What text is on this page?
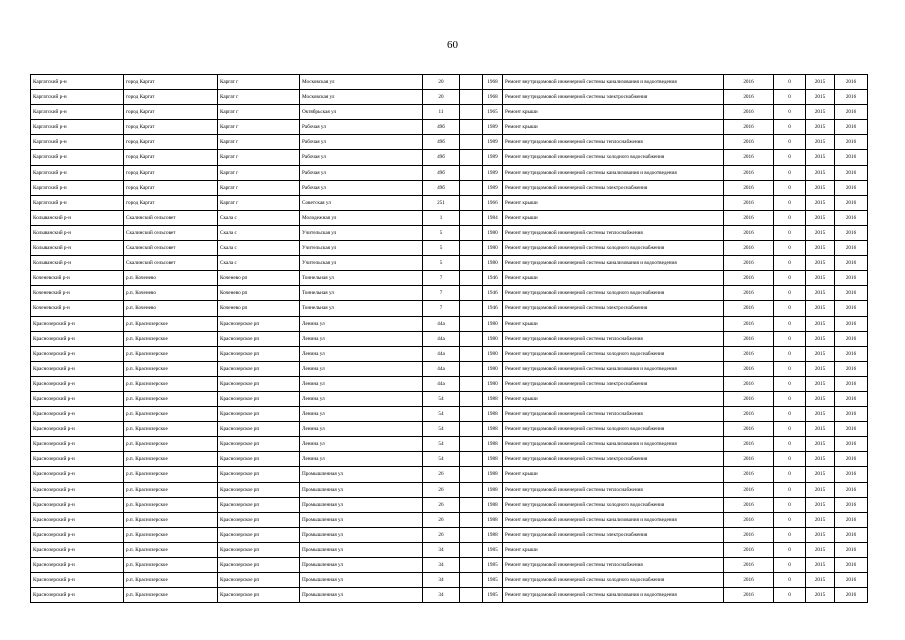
60
Каргатский р-н	город Каргат	Каргат г	Московская ул	20		1968	Ремонт внутридомовой инженерной системы канализования и водоотведения	2016	0	2015	2016
Каргатский р-н	город Каргат	Каргат г	Московская ул	20		1968	Ремонт внутридомовой инженерной системы электроснабжения	2016	0	2015	2016
Каргатский р-н	город Каргат	Каргат г	Октябрьская ул	11		1965	Ремонт крыши	2016	0	2015	2016
Каргатский р-н	город Каргат	Каргат г	Рабочая ул	49б		1989	Ремонт крыши	2016	0	2015	2016
Каргатский р-н	город Каргат	Каргат г	Рабочая ул	49б		1989	Ремонт внутридомовой инженерной системы теплоснабжения	2016	0	2015	2016
Каргатский р-н	город Каргат	Каргат г	Рабочая ул	49б		1989	Ремонт внутридомовой инженерной системы холодного водоснабжения	2016	0	2015	2016
Каргатский р-н	город Каргат	Каргат г	Рабочая ул	49б		1989	Ремонт внутридомовой инженерной системы канализования и водоотведения	2016	0	2015	2016
Каргатский р-н	город Каргат	Каргат г	Рабочая ул	49б		1989	Ремонт внутридомовой инженерной системы электроснабжения	2016	0	2015	2016
Каргатский р-н	город Каргат	Каргат г	Советская ул	251		1966	Ремонт крыши	2016	0	2015	2016
Колыванский р-н	Скалинский сельсовет	Скала с	Молодежная ул	1		1984	Ремонт крыши	2016	0	2015	2016
Колыванский р-н	Скалинский сельсовет	Скала с	Учительская ул	5		1980	Ремонт внутридомовой инженерной системы теплоснабжения	2016	0	2015	2016
Колыванский р-н	Скалинский сельсовет	Скала с	Учительская ул	5		1980	Ремонт внутридомовой инженерной системы холодного водоснабжения	2016	0	2015	2016
Колыванский р-н	Скалинский сельсовет	Скала с	Учительская ул	5		1980	Ремонт внутридомовой инженерной системы канализования и водоотведения	2016	0	2015	2016
Коченевский р-н	р.п. Коченево	Коченево рп	Тоннельная ул	7		1946	Ремонт крыши	2016	0	2015	2016
Коченевский р-н	р.п. Коченево	Коченево рп	Тоннельная ул	7		1946	Ремонт внутридомовой инженерной системы холодного водоснабжения	2016	0	2015	2016
Коченевский р-н	р.п. Коченево	Коченево рп	Тоннельная ул	7		1946	Ремонт внутридомовой инженерной системы электроснабжения	2016	0	2015	2016
Краснозерский р-н	р.п. Краснозерское	Краснозерское рп	Ленина ул	44а		1980	Ремонт крыши	2016	0	2015	2016
Краснозерский р-н	р.п. Краснозерское	Краснозерское рп	Ленина ул	44а		1980	Ремонт внутридомовой инженерной системы теплоснабжения	2016	0	2015	2016
Краснозерский р-н	р.п. Краснозерское	Краснозерское рп	Ленина ул	44а		1980	Ремонт внутридомовой инженерной системы холодного водоснабжения	2016	0	2015	2016
Краснозерский р-н	р.п. Краснозерское	Краснозерское рп	Ленина ул	44а		1980	Ремонт внутридомовой инженерной системы канализования и водоотведения	2016	0	2015	2016
Краснозерский р-н	р.п. Краснозерское	Краснозерское рп	Ленина ул	44а		1980	Ремонт внутридомовой инженерной системы электроснабжения	2016	0	2015	2016
Краснозерский р-н	р.п. Краснозерское	Краснозерское рп	Ленина ул	54		1988	Ремонт крыши	2016	0	2015	2016
Краснозерский р-н	р.п. Краснозерское	Краснозерское рп	Ленина ул	54		1988	Ремонт внутридомовой инженерной системы теплоснабжения	2016	0	2015	2016
Краснозерский р-н	р.п. Краснозерское	Краснозерское рп	Ленина ул	54		1988	Ремонт внутридомовой инженерной системы холодного водоснабжения	2016	0	2015	2016
Краснозерский р-н	р.п. Краснозерское	Краснозерское рп	Ленина ул	54		1988	Ремонт внутридомовой инженерной системы канализования и водоотведения	2016	0	2015	2016
Краснозерский р-н	р.п. Краснозерское	Краснозерское рп	Ленина ул	54		1988	Ремонт внутридомовой инженерной системы электроснабжения	2016	0	2015	2016
Краснозерский р-н	р.п. Краснозерское	Краснозерское рп	Промышленная ул	26		1988	Ремонт крыши	2016	0	2015	2016
Краснозерский р-н	р.п. Краснозерское	Краснозерское рп	Промышленная ул	26		1988	Ремонт внутридомовой инженерной системы теплоснабжения	2016	0	2015	2016
Краснозерский р-н	р.п. Краснозерское	Краснозерское рп	Промышленная ул	26		1988	Ремонт внутридомовой инженерной системы холодного водоснабжения	2016	0	2015	2016
Краснозерский р-н	р.п. Краснозерское	Краснозерское рп	Промышленная ул	26		1988	Ремонт внутридомовой инженерной системы канализования и водоотведения	2016	0	2015	2016
Краснозерский р-н	р.п. Краснозерское	Краснозерское рп	Промышленная ул	26		1988	Ремонт внутридомовой инженерной системы электроснабжения	2016	0	2015	2016
Краснозерский р-н	р.п. Краснозерское	Краснозерское рп	Промышленная ул	34		1985	Ремонт крыши	2016	0	2015	2016
Краснозерский р-н	р.п. Краснозерское	Краснозерское рп	Промышленная ул	34		1985	Ремонт внутридомовой инженерной системы теплоснабжения	2016	0	2015	2016
Краснозерский р-н	р.п. Краснозерское	Краснозерское рп	Промышленная ул	34		1985	Ремонт внутридомовой инженерной системы холодного водоснабжения	2016	0	2015	2016
Краснозерский р-н	р.п. Краснозерское	Краснозерское рп	Промышленная ул	34		1985	Ремонт внутридомовой инженерной системы канализования и водоотведения	2016	0	2015	2016
